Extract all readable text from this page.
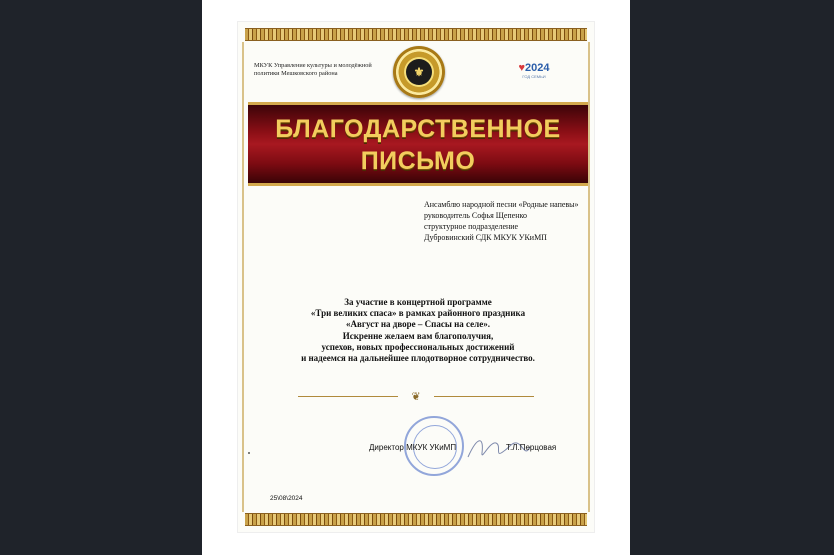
МКУК Управление культуры и молодёжной политики Мешковского района	⚜	♥2024
ГОД СЕМЬИ
БЛАГОДАРСТВЕННОЕ
ПИСЬМО
Ансамблю народной песни «Родные напевы»
руководитель Софья Щепенко
структурное подразделение
Дубровинский СДК МКУК УКиМП
За участие в концертной программе
«Три великих спаса» в рамках районного праздника
«Август на дворе – Спасы на селе».
Искренне желаем вам благополучия,
успехов, новых профессиональных достижений
и надеемся на дальнейшее плодотворное сотрудничество.
❦
Директор МКУК УКиМП	Т.Л.Перцовая
25\08\2024
